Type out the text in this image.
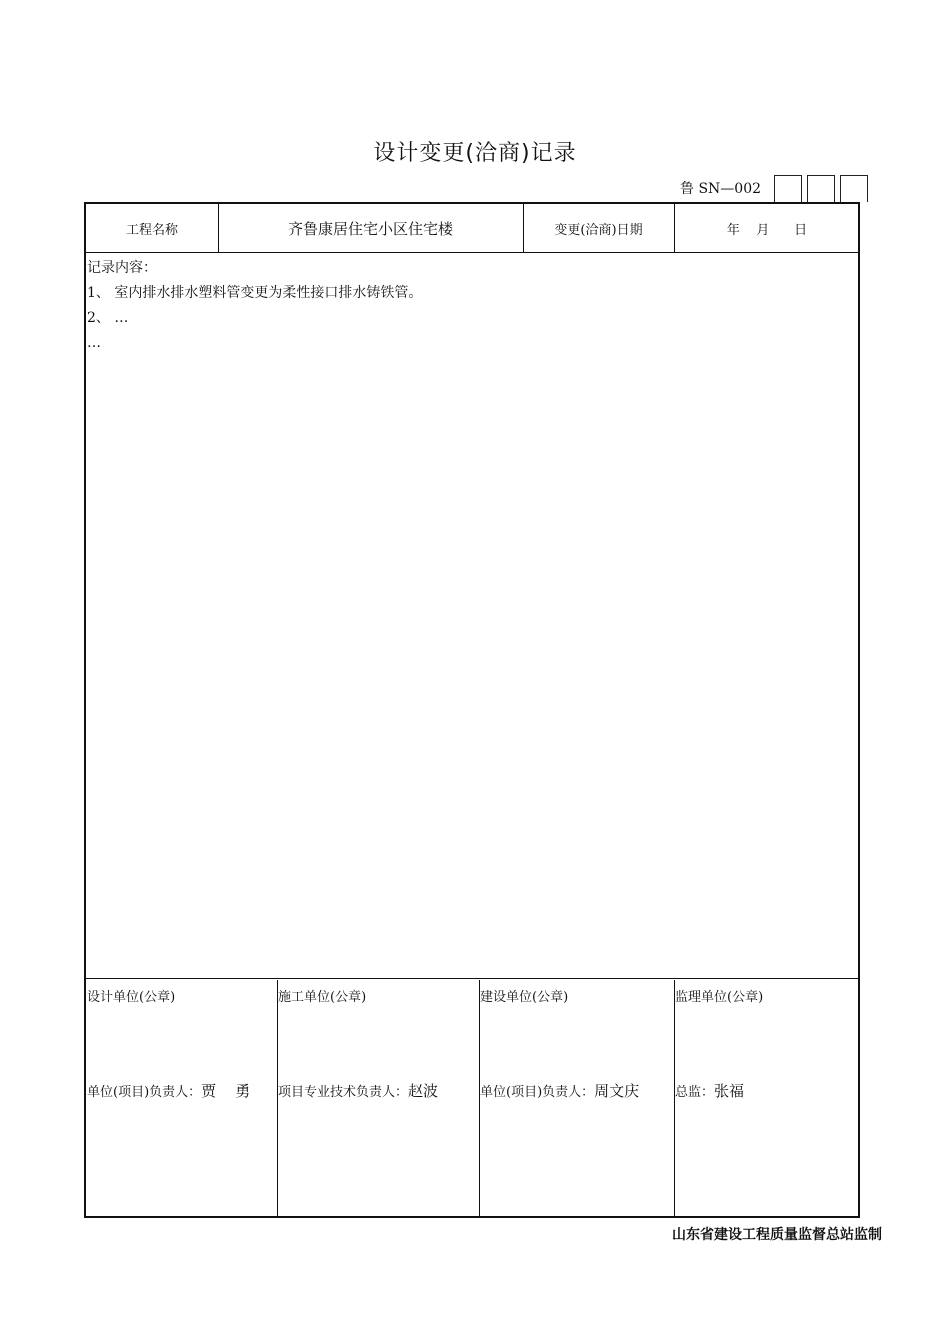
设计变更(洽商)记录
鲁 SN—002
工程名称	齐鲁康居住宅小区住宅楼	变更(洽商)日期	年    月      日
记录内容：
1、 室内排水排水塑料管变更为柔性接口排水铸铁管。
2、 …
…
设计单位(公章)
单位(项目)负责人：贾    勇
施工单位(公章)
项目专业技术负责人：赵波
建设单位(公章)
单位(项目)负责人：周文庆
监理单位(公章)
总监：张福
山东省建设工程质量监督总站监制
